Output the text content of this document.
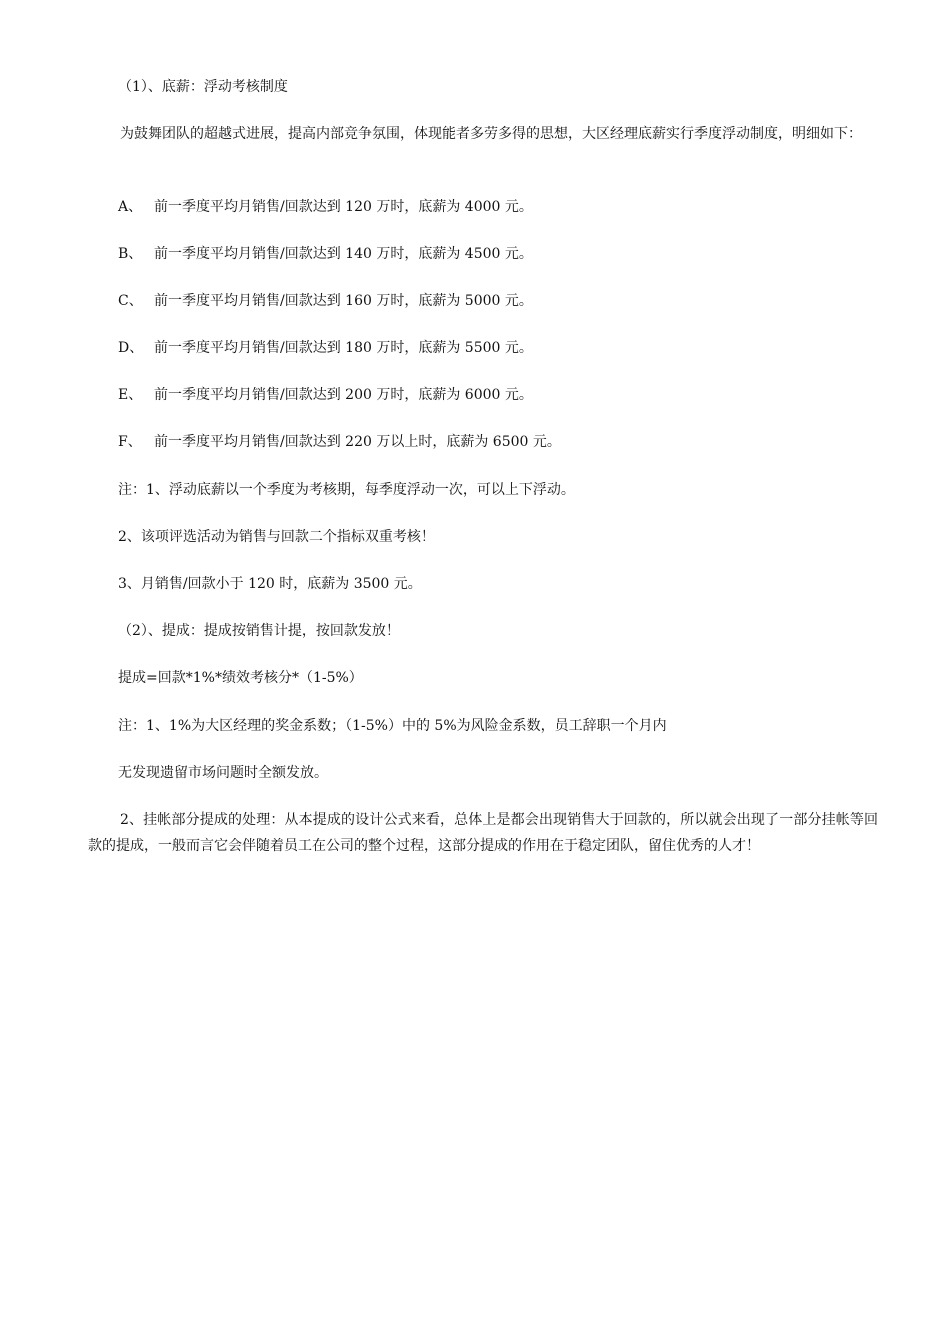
（1）、底薪：浮动考核制度

为鼓舞团队的超越式进展，提高内部竞争氛围，体现能者多劳多得的思想，大区经理底薪实行季度浮动制度，明细如下：

A、 前一季度平均月销售/回款达到 120 万时，底薪为 4000 元。

B、 前一季度平均月销售/回款达到 140 万时，底薪为 4500 元。

C、 前一季度平均月销售/回款达到 160 万时，底薪为 5000 元。

D、 前一季度平均月销售/回款达到 180 万时，底薪为 5500 元。

E、 前一季度平均月销售/回款达到 200 万时，底薪为 6000 元。

F、 前一季度平均月销售/回款达到 220 万以上时，底薪为 6500 元。

注：1、浮动底薪以一个季度为考核期，每季度浮动一次，可以上下浮动。

2、该项评选活动为销售与回款二个指标双重考核！

3、月销售/回款小于 120 时，底薪为 3500 元。

（2）、提成：提成按销售计提，按回款发放！

提成=回款*1%*绩效考核分*（1-5%）

注：1、1%为大区经理的奖金系数；（1-5%）中的 5%为风险金系数，员工辞职一个月内

无发现遗留市场问题时全额发放。

2、挂帐部分提成的处理：从本提成的设计公式来看，总体上是都会出现销售大于回款的，所以就会出现了一部分挂帐等回款的提成，一般而言它会伴随着员工在公司的整个过程，这部分提成的作用在于稳定团队，留住优秀的人才！
